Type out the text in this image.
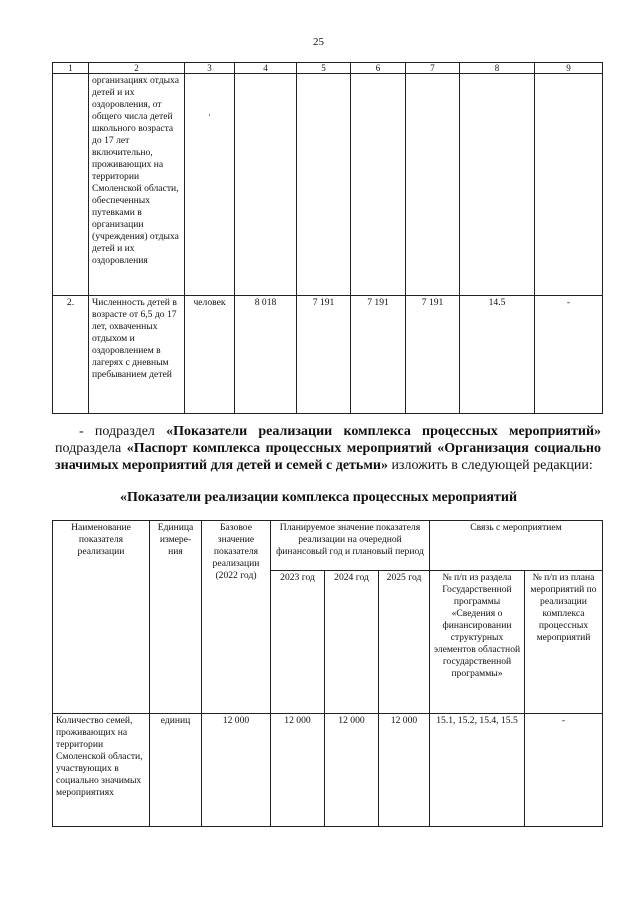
25
1	2	3	4	5	6	7	8	9
	организациях отдыха детей и их оздоровления, от общего числа детей школьного возраста до 17 лет включительно, проживающих на территории Смоленской области, обеспеченных путевками в организации (учреждения) отдыха детей и их оздоровления	·						
2.	Численность детей в возрасте от 6,5 до 17 лет, охваченных отдыхом и оздоровлением в лагерях с дневным пребыванием детей	человек	8 018	7 191	7 191	7 191	14.5	-
- подраздел «Показатели реализации комплекса процессных мероприятий» подраздела «Паспорт комплекса процессных мероприятий «Организация социально значимых мероприятий для детей и семей с детьми» изложить в следующей редакции:
«Показатели реализации комплекса процессных мероприятий
Наименование показателя реализации	Единица измере-ния	Базовое значение показателя реализации (2022 год)	Планируемое значение показателя реализации на очередной финансовый год и плановый период			Связь с мероприятием	
			2023 год	2024 год	2025 год	№ п/п из раздела Государственной программы «Сведения о финансировании структурных элементов областной государственной программы»	№ п/п из плана мероприятий по реализации комплекса процессных мероприятий
Количество семей, проживающих на территории Смоленской области, участвующих в социально значимых мероприятиях	единиц	12 000	12 000	12 000	12 000	15.1, 15.2, 15.4, 15.5	-
